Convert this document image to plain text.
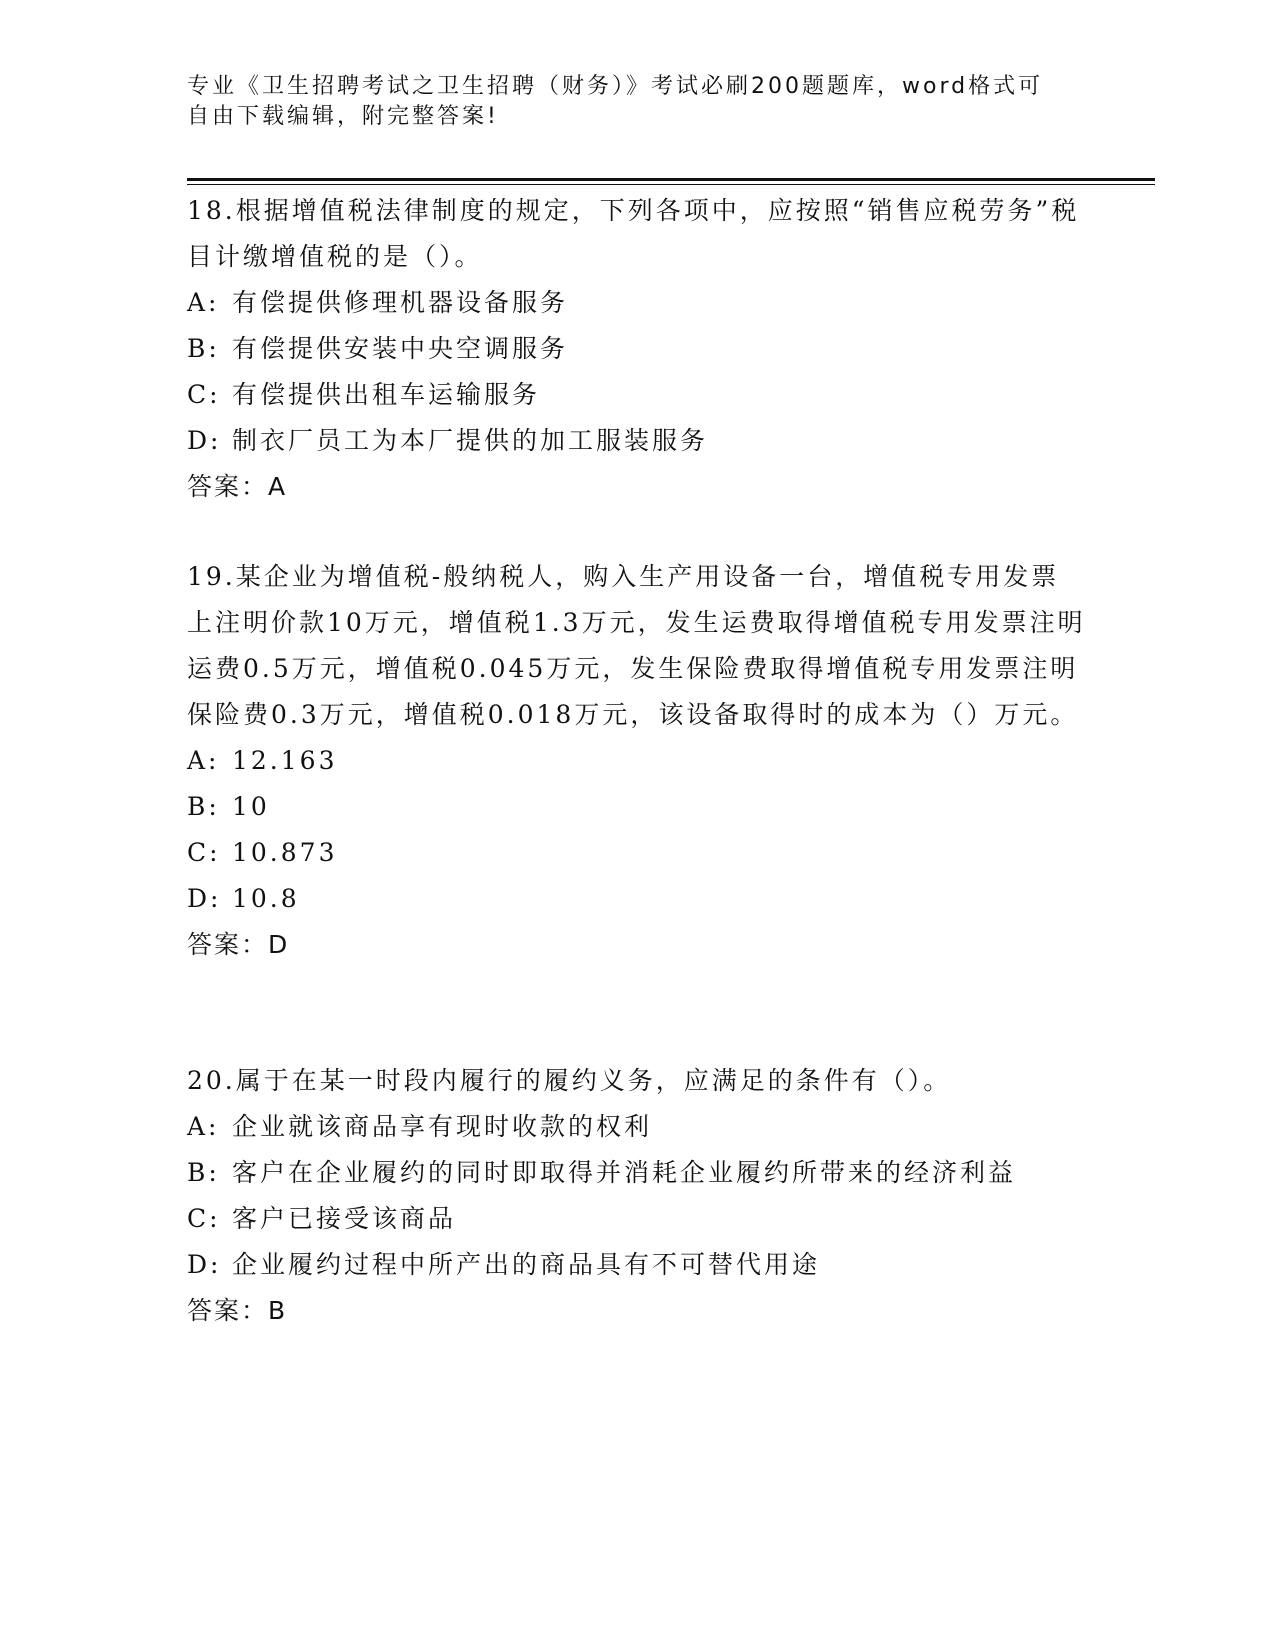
专业《卫生招聘考试之卫生招聘（财务）》考试必刷200题题库，word格式可自由下载编辑，附完整答案!

18.根据增值税法律制度的规定，下列各项中，应按照“销售应税劳务”税目计缴增值税的是（）。

A: 有偿提供修理机器设备服务

B: 有偿提供安装中央空调服务

C: 有偿提供出租车运输服务

D: 制衣厂员工为本厂提供的加工服装服务

答案：A

19.某企业为增值税-般纳税人，购入生产用设备一台，增值税专用发票上注明价款10万元，增值税1.3万元，发生运费取得增值税专用发票注明运费0.5万元，增值税0.045万元，发生保险费取得增值税专用发票注明保险费0.3万元，增值税0.018万元，该设备取得时的成本为（）万元。

A: 12.163

B: 10

C: 10.873

D: 10.8

答案：D

20.属于在某一时段内履行的履约义务，应满足的条件有（）。

A: 企业就该商品享有现时收款的权利

B: 客户在企业履约的同时即取得并消耗企业履约所带来的经济利益

C: 客户已接受该商品

D: 企业履约过程中所产出的商品具有不可替代用途

答案：B
